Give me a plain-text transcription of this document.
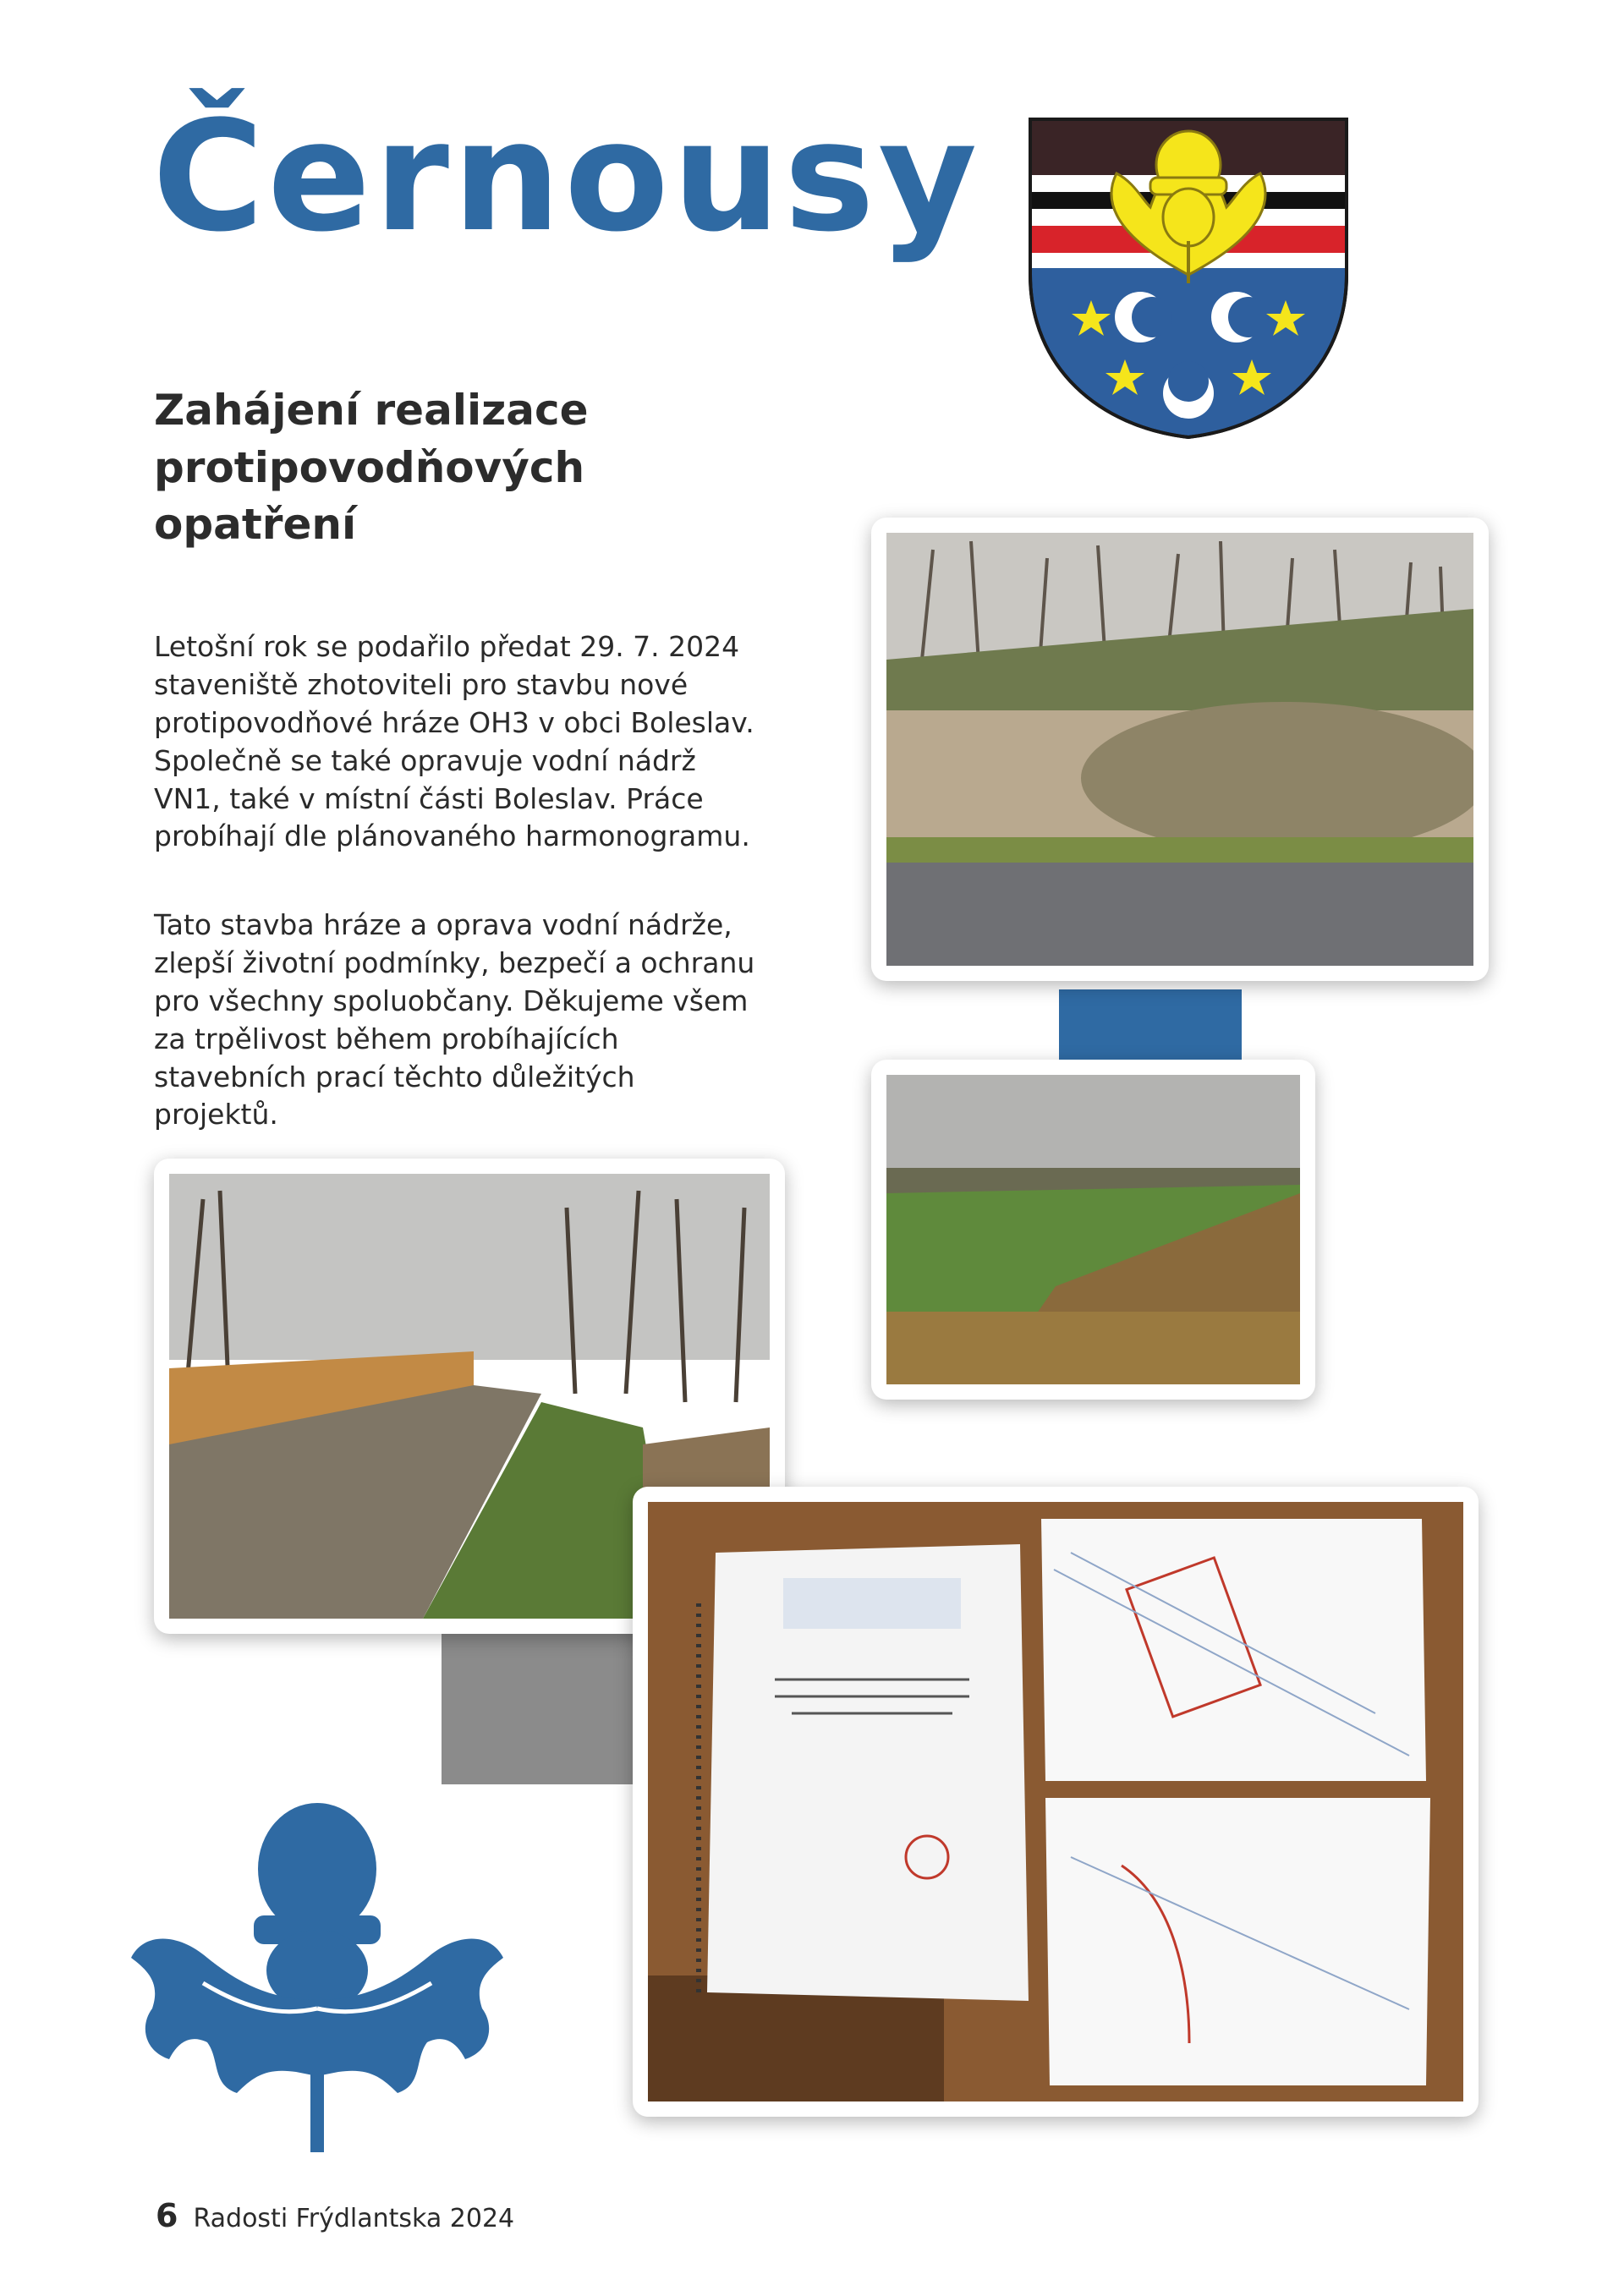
Černousy
Zahájení realizace protipovodňových opatření
Letošní rok se podařilo předat 29. 7. 2024 staveniště zhotoviteli pro stavbu nové protipovodňové hráze OH3 v obci Boleslav. Společně se také opravuje vodní nádrž VN1, také v místní části Boleslav. Práce probíhají dle plánovaného harmonogramu.
Tato stavba hráze a oprava vodní nádrže, zlepší životní podmínky, bezpečí a ochranu pro všechny spoluobčany. Děkujeme všem za trpělivost během probíhajících stavebních prací těchto důležitých projektů.
6 Radosti Frýdlantska 2024
